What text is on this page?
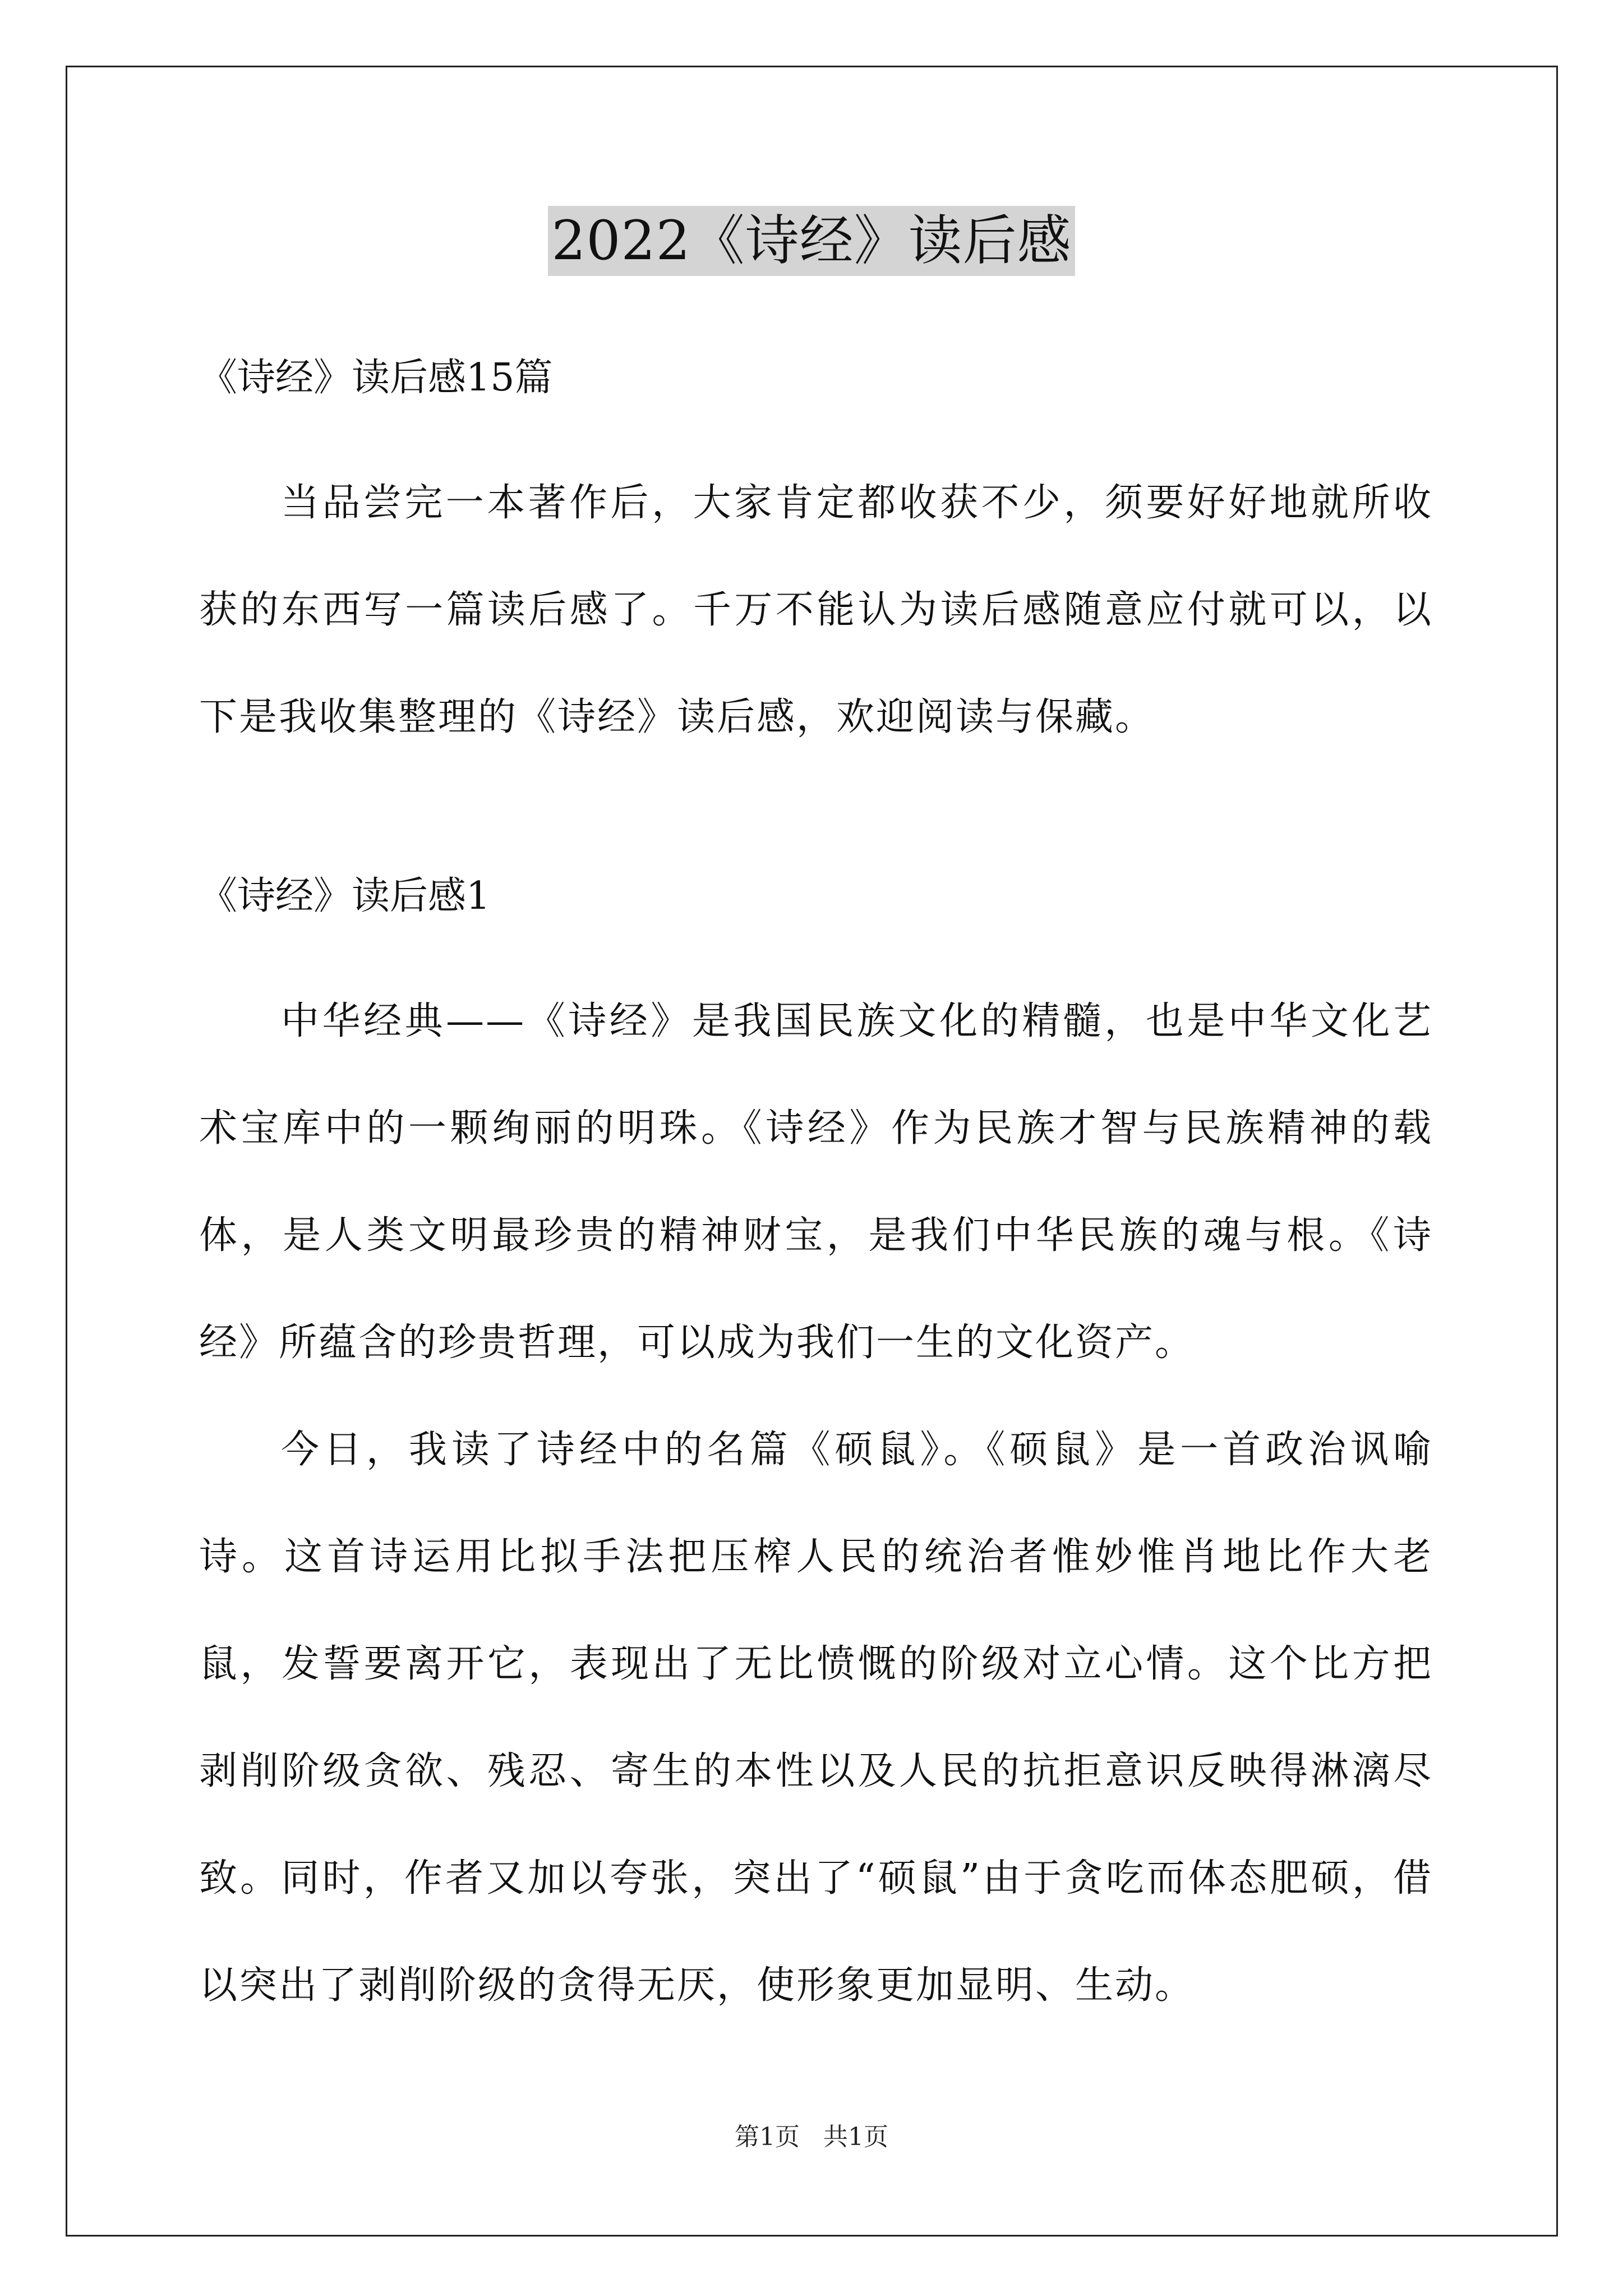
2022《诗经》读后感

《诗经》读后感15篇

当品尝完一本著作后，大家肯定都收获不少，须要好好地就所收获的东西写一篇读后感了。千万不能认为读后感随意应付就可以，以下是我收集整理的《诗经》读后感，欢迎阅读与保藏。

《诗经》读后感1

中华经典——《诗经》是我国民族文化的精髓，也是中华文化艺术宝库中的一颗绚丽的明珠。《诗经》作为民族才智与民族精神的载体，是人类文明最珍贵的精神财宝，是我们中华民族的魂与根。《诗经》所蕴含的珍贵哲理，可以成为我们一生的文化资产。

今日，我读了诗经中的名篇《硕鼠》。《硕鼠》是一首政治讽喻诗。这首诗运用比拟手法把压榨人民的统治者惟妙惟肖地比作大老鼠，发誓要离开它，表现出了无比愤慨的阶级对立心情。这个比方把剥削阶级贪欲、残忍、寄生的本性以及人民的抗拒意识反映得淋漓尽致。同时，作者又加以夸张，突出了“硕鼠”由于贪吃而体态肥硕，借以突出了剥削阶级的贪得无厌，使形象更加显明、生动。

第1页   共1页
